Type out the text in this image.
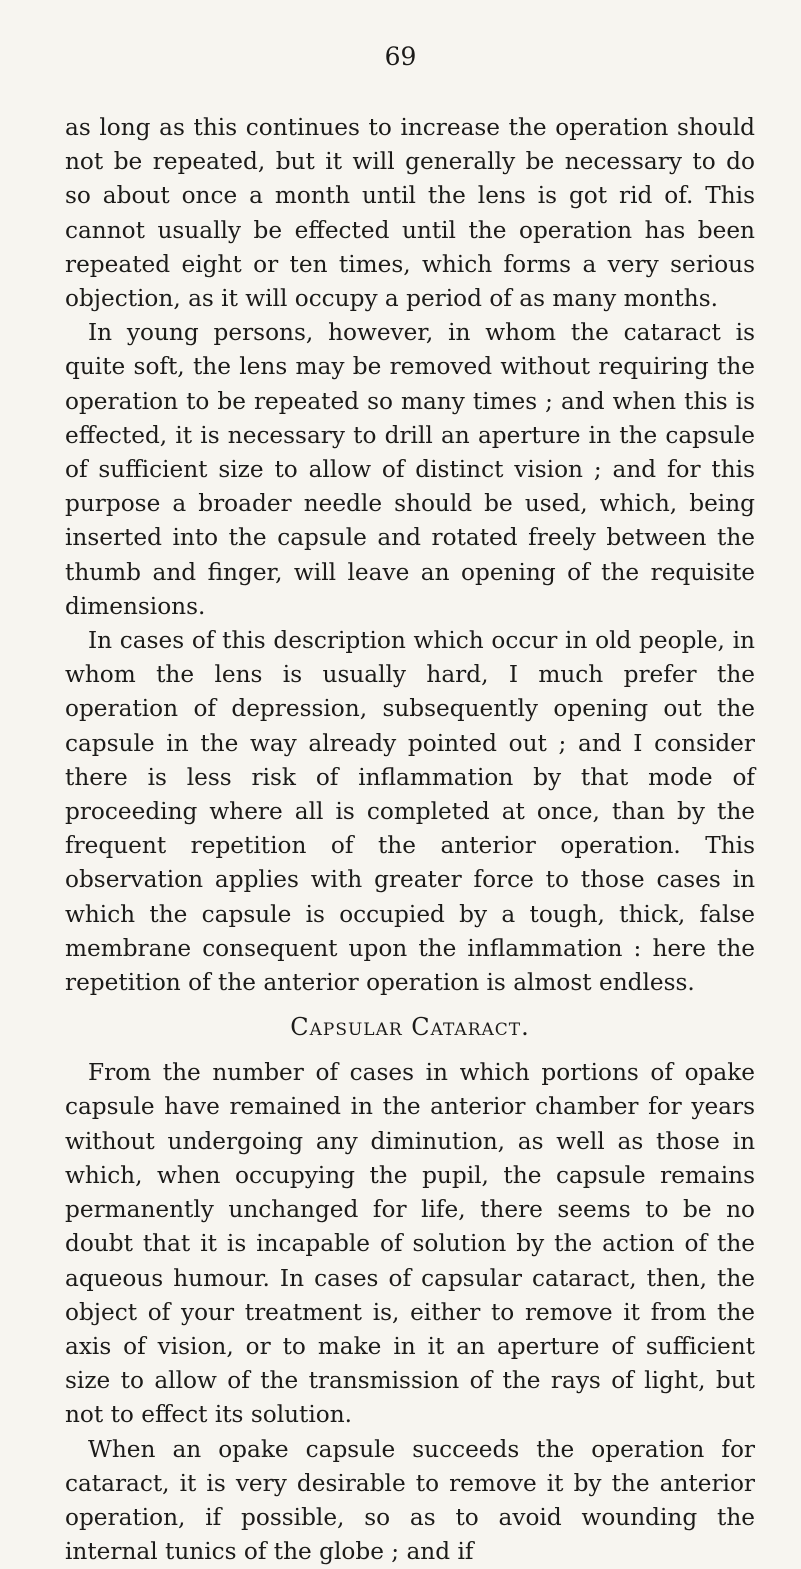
69

as long as this continues to increase the operation should not be repeated, but it will generally be necessary to do so about once a month until the lens is got rid of. This cannot usually be effected until the operation has been repeated eight or ten times, which forms a very serious objection, as it will occupy a period of as many months.

In young persons, however, in whom the cataract is quite soft, the lens may be removed without requiring the operation to be repeated so many times ; and when this is effected, it is necessary to drill an aperture in the capsule of sufficient size to allow of distinct vision ; and for this purpose a broader needle should be used, which, being inserted into the capsule and rotated freely between the thumb and finger, will leave an opening of the requisite dimensions.

In cases of this description which occur in old people, in whom the lens is usually hard, I much prefer the operation of depression, subsequently opening out the capsule in the way already pointed out ; and I consider there is less risk of inflammation by that mode of proceeding where all is completed at once, than by the frequent repetition of the anterior operation. This observation applies with greater force to those cases in which the capsule is occupied by a tough, thick, false membrane consequent upon the inflammation : here the repetition of the anterior operation is almost endless.

Capsular Cataract.

From the number of cases in which portions of opake capsule have remained in the anterior chamber for years without undergoing any diminution, as well as those in which, when occupying the pupil, the capsule remains permanently unchanged for life, there seems to be no doubt that it is incapable of solution by the action of the aqueous humour. In cases of capsular cataract, then, the object of your treatment is, either to remove it from the axis of vision, or to make in it an aperture of sufficient size to allow of the transmission of the rays of light, but not to effect its solution.

When an opake capsule succeeds the operation for cataract, it is very desirable to remove it by the anterior operation, if possible, so as to avoid wounding the internal tunics of the globe ; and if
